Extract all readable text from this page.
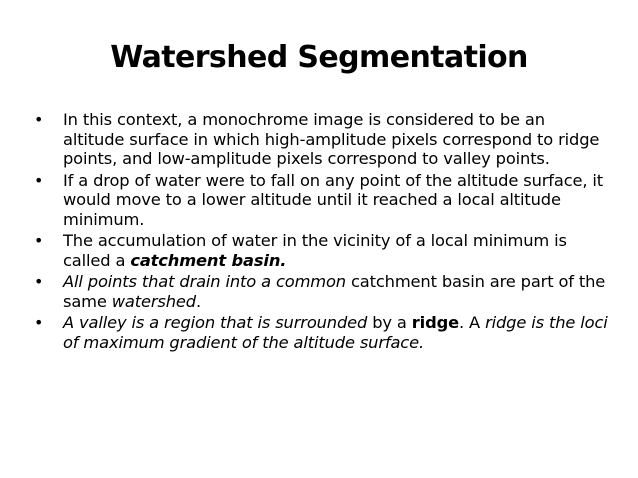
Watershed Segmentation
• In this context, a monochrome image is considered to be an altitude surface in which high-amplitude pixels correspond to ridge points, and low-amplitude pixels correspond to valley points.
• If a drop of water were to fall on any point of the altitude surface, it would move to a lower altitude until it reached a local altitude minimum.
• The accumulation of water in the vicinity of a local minimum is called a catchment basin.
• All points that drain into a common catchment basin are part of the same watershed.
• A valley is a region that is surrounded by a ridge. A ridge is the loci of maximum gradient of the altitude surface.
